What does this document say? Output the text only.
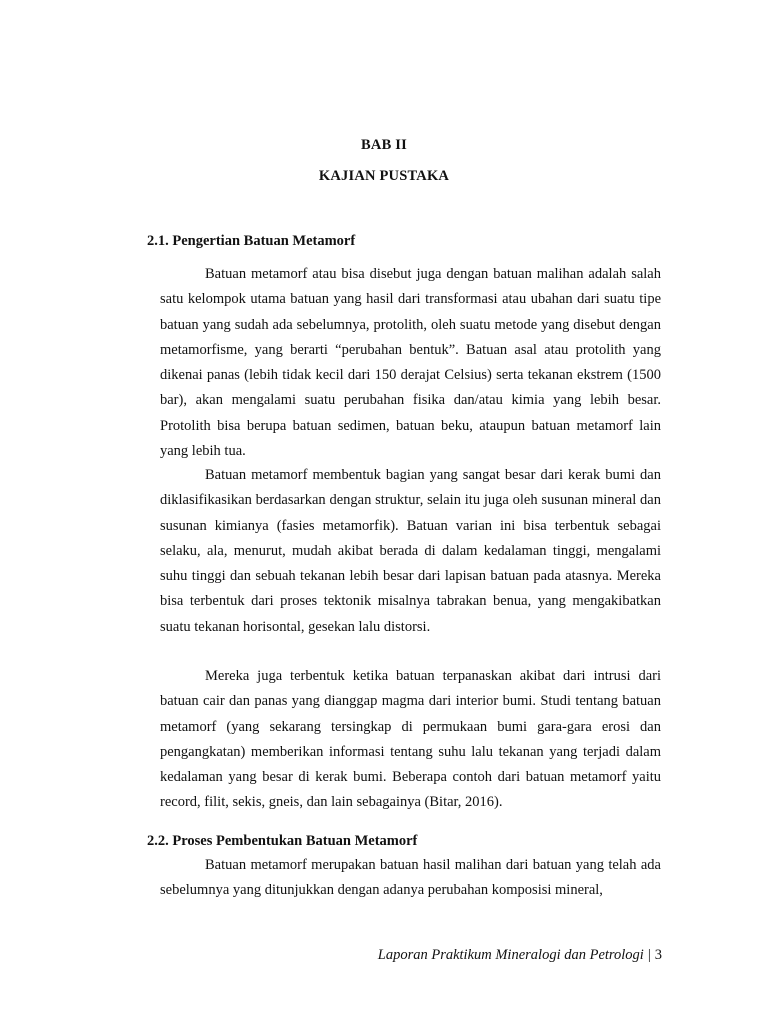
BAB II
KAJIAN PUSTAKA
2.1. Pengertian Batuan Metamorf

Batuan metamorf atau bisa disebut juga dengan batuan malihan adalah salah satu kelompok utama batuan yang hasil dari transformasi atau ubahan dari suatu tipe batuan yang sudah ada sebelumnya, protolith, oleh suatu metode yang disebut dengan metamorfisme, yang berarti “perubahan bentuk”. Batuan asal atau protolith yang dikenai panas (lebih tidak kecil dari 150 derajat Celsius) serta tekanan ekstrem (1500 bar), akan mengalami suatu perubahan fisika dan/atau kimia yang lebih besar. Protolith bisa berupa batuan sedimen, batuan beku, ataupun batuan metamorf lain yang lebih tua.

Batuan metamorf membentuk bagian yang sangat besar dari kerak bumi dan diklasifikasikan berdasarkan dengan struktur, selain itu juga oleh susunan mineral dan susunan kimianya (fasies metamorfik). Batuan varian ini bisa terbentuk sebagai selaku, ala, menurut, mudah akibat berada di dalam kedalaman tinggi, mengalami suhu tinggi dan sebuah tekanan lebih besar dari lapisan batuan pada atasnya. Mereka bisa terbentuk dari proses tektonik misalnya tabrakan benua, yang mengakibatkan suatu tekanan horisontal, gesekan lalu distorsi.

Mereka juga terbentuk ketika batuan terpanaskan akibat dari intrusi dari batuan cair dan panas yang dianggap magma dari interior bumi. Studi tentang batuan metamorf (yang sekarang tersingkap di permukaan bumi gara-gara erosi dan pengangkatan) memberikan informasi tentang suhu lalu tekanan yang terjadi dalam kedalaman yang besar di kerak bumi. Beberapa contoh dari batuan metamorf yaitu record, filit, sekis, gneis, dan lain sebagainya (Bitar, 2016).

2.2. Proses Pembentukan Batuan Metamorf

Batuan metamorf merupakan batuan hasil malihan dari batuan yang telah ada sebelumnya yang ditunjukkan dengan adanya perubahan komposisi mineral,

Laporan Praktikum Mineralogi dan Petrologi | 3
